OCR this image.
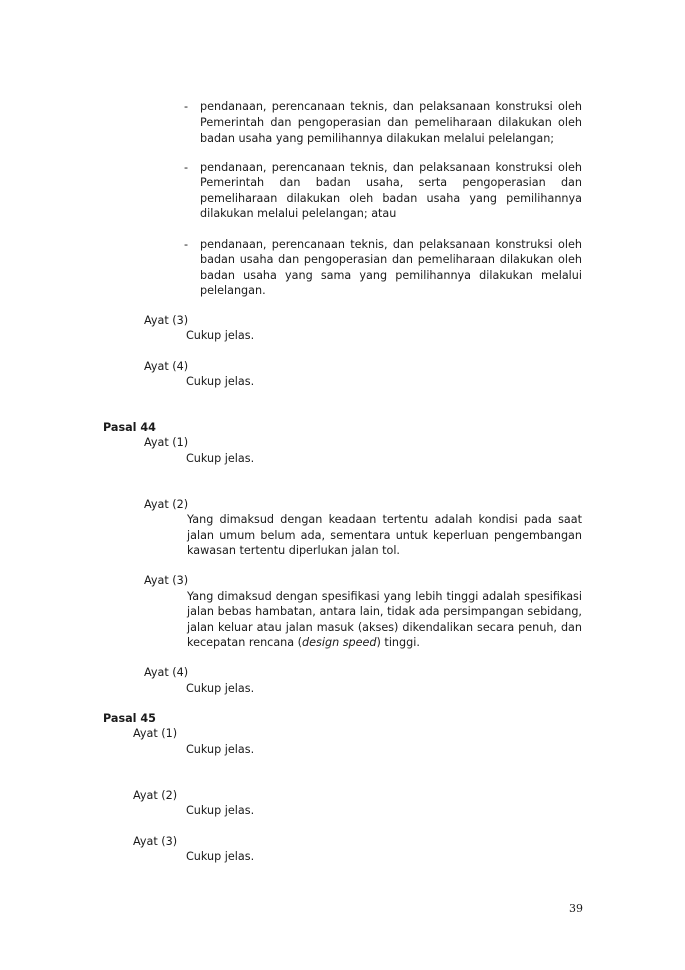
- pendanaan, perencanaan teknis, dan pelaksanaan konstruksi oleh
Pemerintah dan pengoperasian dan pemeliharaan dilakukan oleh
badan usaha yang pemilihannya dilakukan melalui pelelangan;
- pendanaan, perencanaan teknis, dan pelaksanaan konstruksi oleh
Pemerintah dan badan usaha, serta pengoperasian dan
pemeliharaan dilakukan oleh badan usaha yang pemilihannya
dilakukan melalui pelelangan; atau
- pendanaan, perencanaan teknis, dan pelaksanaan konstruksi oleh
badan usaha dan pengoperasian dan pemeliharaan dilakukan oleh
badan usaha yang sama yang pemilihannya dilakukan melalui
pelelangan.
Ayat (3)
Cukup jelas.
Ayat (4)
Cukup jelas.
Pasal 44
Ayat (1)
Cukup jelas.
Ayat (2)
Yang dimaksud dengan keadaan tertentu adalah kondisi pada saat
jalan umum belum ada, sementara untuk keperluan pengembangan
kawasan tertentu diperlukan jalan tol.
Ayat (3)
Yang dimaksud dengan spesifikasi yang lebih tinggi adalah spesifikasi
jalan bebas hambatan, antara lain, tidak ada persimpangan sebidang,
jalan keluar atau jalan masuk (akses) dikendalikan secara penuh, dan
kecepatan rencana (design speed) tinggi.
Ayat (4)
Cukup jelas.
Pasal 45
Ayat (1)
Cukup jelas.
Ayat (2)
Cukup jelas.
Ayat (3)
Cukup jelas.
39
